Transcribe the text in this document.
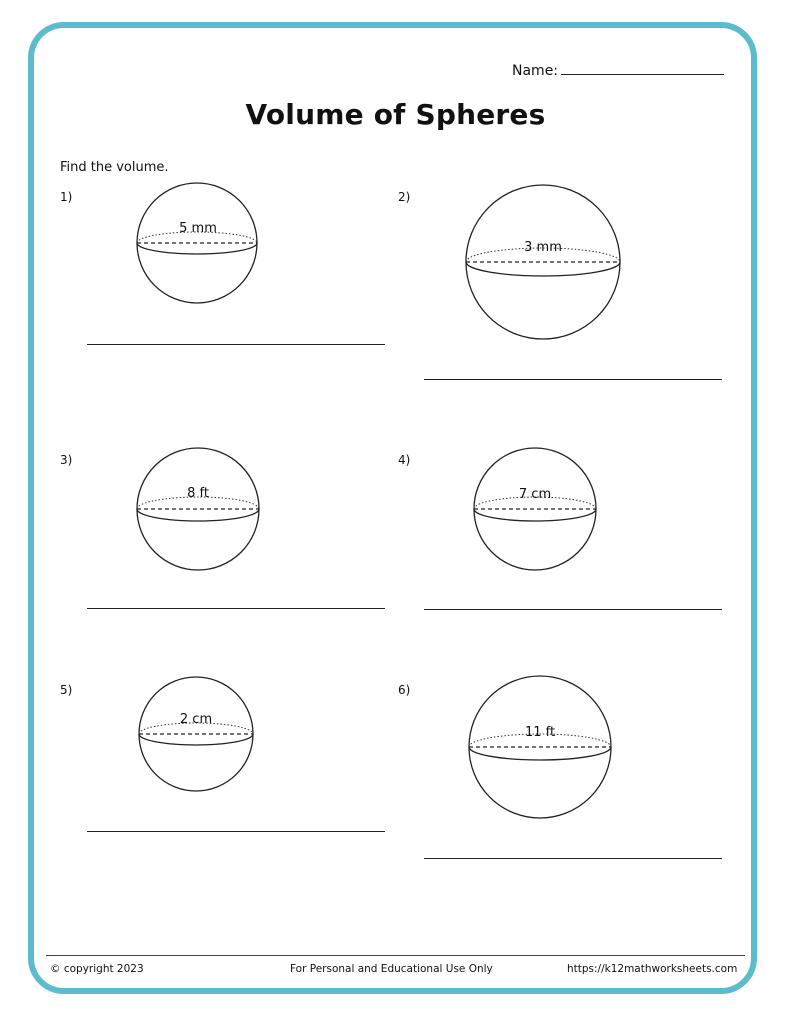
Name:
Volume of Spheres
Find the volume.
1)	2)
3)	4)
5)	6)
5 mm
3 mm
8 ft	7 cm
2 cm
11 ft
© copyright 2023	For Personal and Educational Use Only	https://k12mathworksheets.com
